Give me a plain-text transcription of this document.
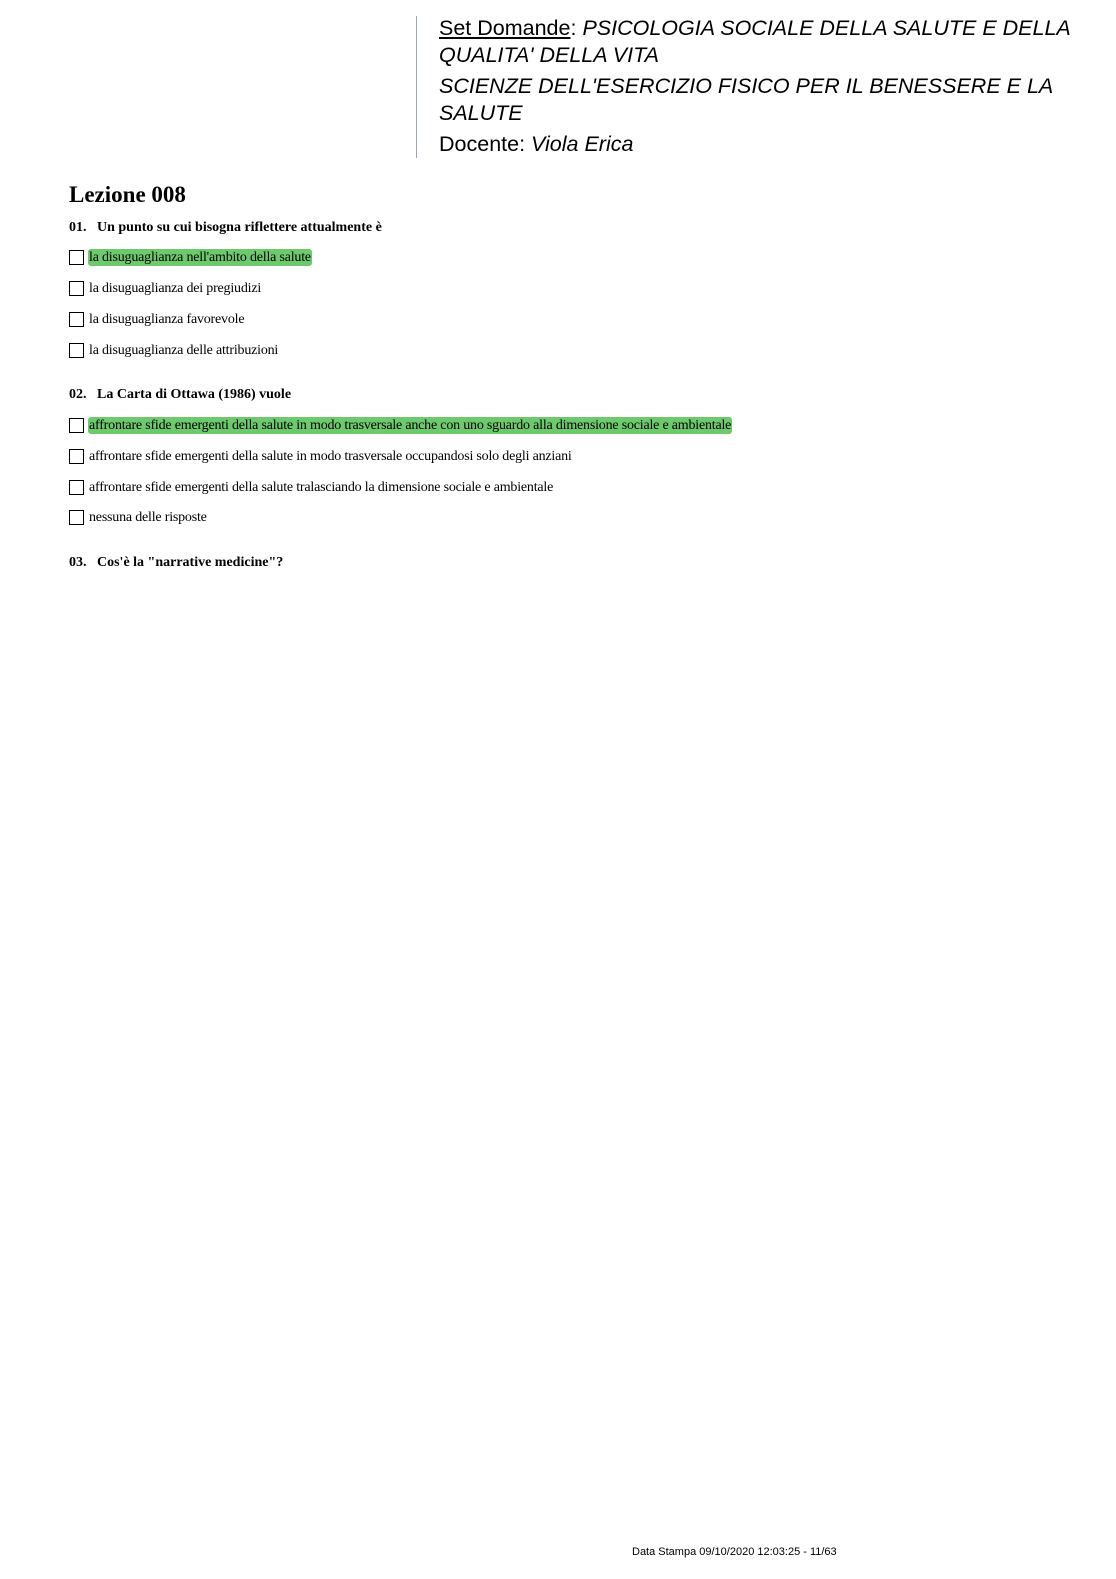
Set Domande: PSICOLOGIA SOCIALE DELLA SALUTE E DELLA
QUALITA' DELLA VITA
SCIENZE DELL'ESERCIZIO FISICO PER IL BENESSERE E LA
SALUTE
Docente: Viola Erica
Lezione 008
01. Un punto su cui bisogna riflettere attualmente è
la disuguaglianza nell'ambito della salute
la disuguaglianza dei pregiudizi
la disuguaglianza favorevole
la disuguaglianza delle attribuzioni
02. La Carta di Ottawa (1986) vuole
affrontare sfide emergenti della salute in modo trasversale anche con uno sguardo alla dimensione sociale e ambientale
affrontare sfide emergenti della salute in modo trasversale occupandosi solo degli anziani
affrontare sfide emergenti della salute tralasciando la dimensione sociale e ambientale
nessuna delle risposte
03. Cos'è la "narrative medicine"?
Data Stampa 09/10/2020 12:03:25 - 11/63
